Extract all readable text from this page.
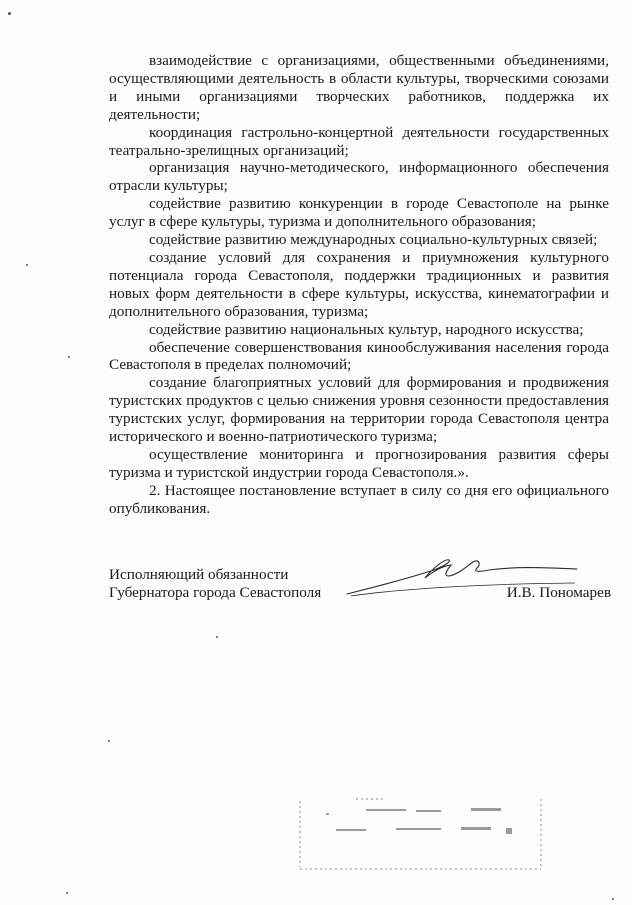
взаимодействие с организациями, общественными объединениями, осуществляющими деятельность в области культуры, творческими союзами и иными организациями творческих работников, поддержка их деятельности;

координация гастрольно-концертной деятельности государственных театрально-зрелищных организаций;

организация научно-методического, информационного обеспечения отрасли культуры;

содействие развитию конкуренции в городе Севастополе на рынке услуг в сфере культуры, туризма и дополнительного образования;

содействие развитию международных социально-культурных связей;

создание условий для сохранения и приумножения культурного потенциала города Севастополя, поддержки традиционных и развития новых форм деятельности в сфере культуры, искусства, кинематографии и дополнительного образования, туризма;

содействие развитию национальных культур, народного искусства;

обеспечение совершенствования кинообслуживания населения города Севастополя в пределах полномочий;

создание благоприятных условий для формирования и продвижения туристских продуктов с целью снижения уровня сезонности предоставления туристских услуг, формирования на территории города Севастополя центра исторического и военно-патриотического туризма;

осуществление мониторинга и прогнозирования развития сферы туризма и туристской индустрии города Севастополя.».

2. Настоящее постановление вступает в силу со дня его официального опубликования.

Исполняющий обязанности
Губернатора города Севастополя	И.В. Пономарев
